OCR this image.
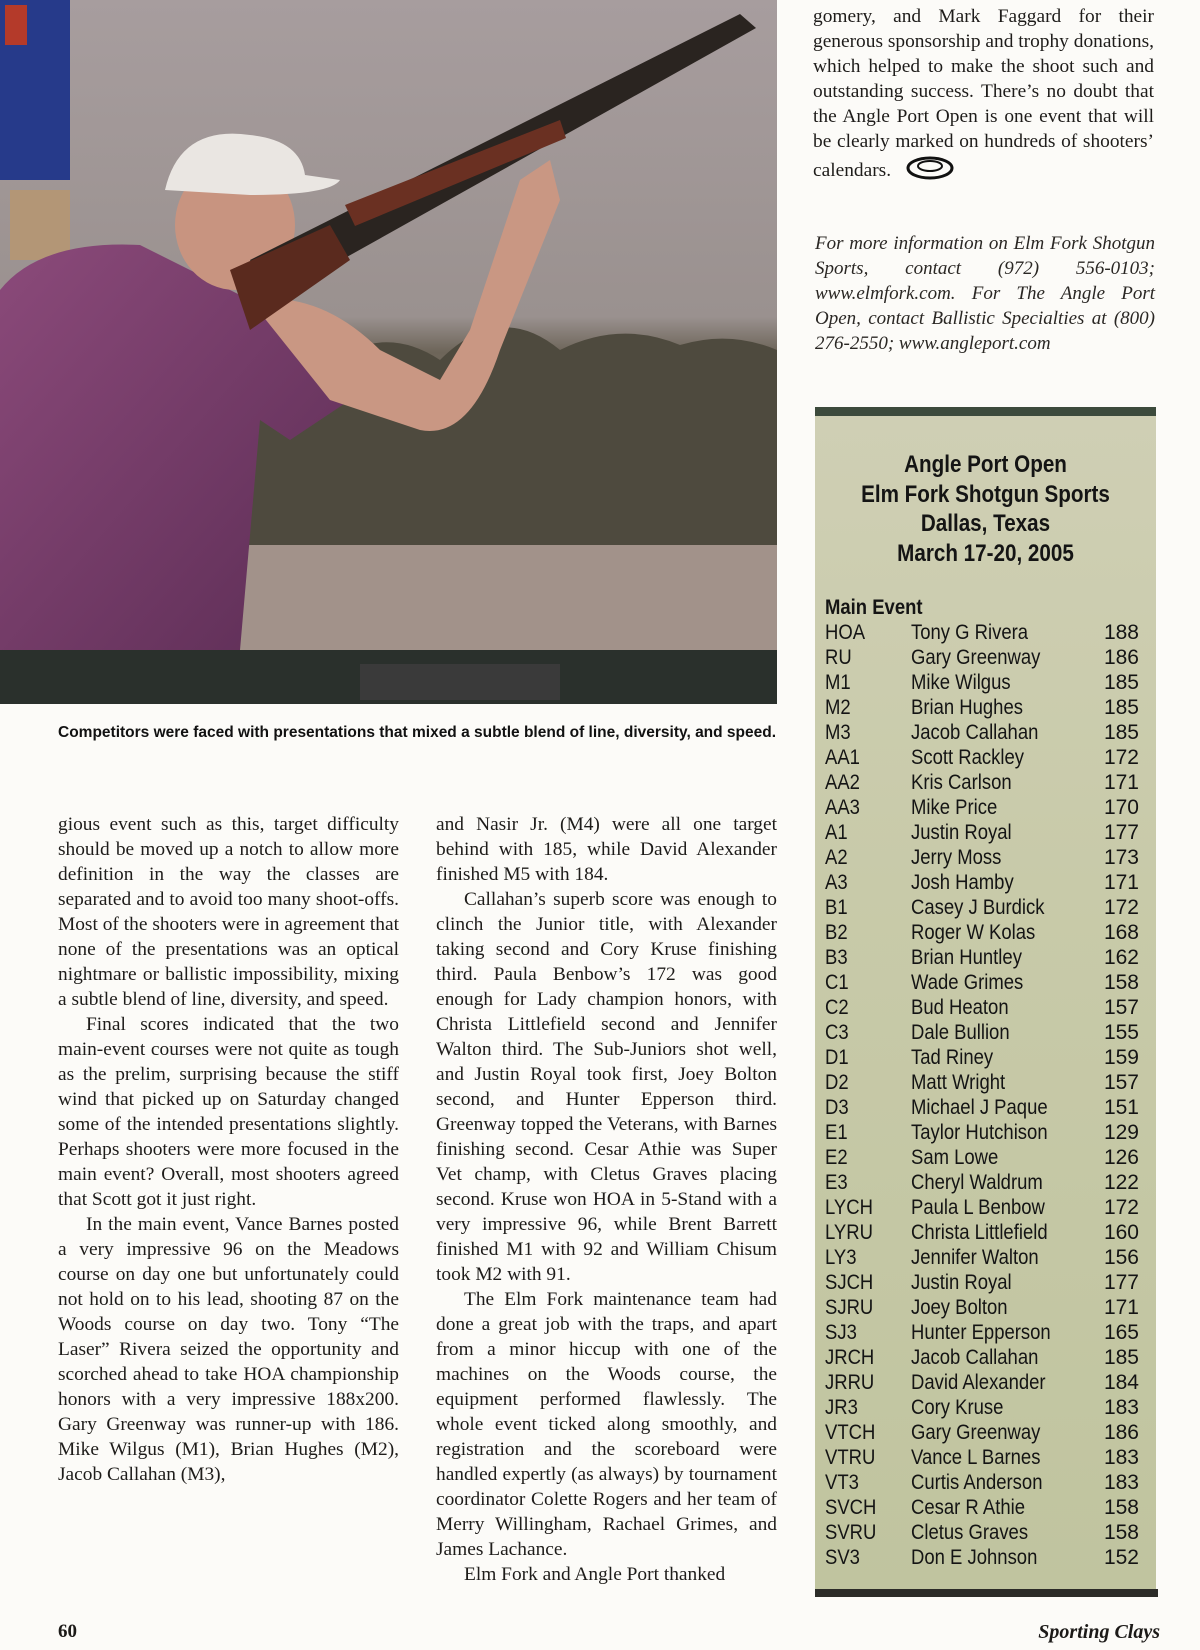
Competitors were faced with presentations that mixed a subtle blend of line, diversity, and speed.

gious event such as this, target difficulty should be moved up a notch to allow more definition in the way the classes are separated and to avoid too many shoot-offs. Most of the shooters were in agreement that none of the presentations was an optical nightmare or ballistic impossibility, mixing a subtle blend of line, diversity, and speed.

Final scores indicated that the two main-event courses were not quite as tough as the prelim, surprising because the stiff wind that picked up on Saturday changed some of the intended presentations slightly. Perhaps shooters were more focused in the main event? Overall, most shooters agreed that Scott got it just right.

In the main event, Vance Barnes posted a very impressive 96 on the Meadows course on day one but unfortunately could not hold on to his lead, shooting 87 on the Woods course on day two. Tony “The Laser” Rivera seized the opportunity and scorched ahead to take HOA championship honors with a very impressive 188x200. Gary Greenway was runner-up with 186. Mike Wilgus (M1), Brian Hughes (M2), Jacob Callahan (M3),

and Nasir Jr. (M4) were all one target behind with 185, while David Alexander finished M5 with 184.

Callahan’s superb score was enough to clinch the Junior title, with Alexander taking second and Cory Kruse finishing third. Paula Benbow’s 172 was good enough for Lady champion honors, with Christa Littlefield second and Jennifer Walton third. The Sub-Juniors shot well, and Justin Royal took first, Joey Bolton second, and Hunter Epperson third. Greenway topped the Veterans, with Barnes finishing second. Cesar Athie was Super Vet champ, with Cletus Graves placing second. Kruse won HOA in 5-Stand with a very impressive 96, while Brent Barrett finished M1 with 92 and William Chisum took M2 with 91.

The Elm Fork maintenance team had done a great job with the traps, and apart from a minor hiccup with one of the machines on the Woods course, the equipment performed flawlessly. The whole event ticked along smoothly, and registration and the scoreboard were handled expertly (as always) by tournament coordinator Colette Rogers and her team of Merry Willingham, Rachael Grimes, and James Lachance.

Elm Fork and Angle Port thanked

gomery, and Mark Faggard for their generous sponsorship and trophy donations, which helped to make the shoot such and outstanding success. There’s no doubt that the Angle Port Open is one event that will be clearly marked on hundreds of shooters’ calendars.

For more information on Elm Fork Shotgun Sports, contact (972) 556-0103; www.elmfork.com. For The Angle Port Open, contact Ballistic Specialties at (800) 276-2550; www.angleport.com
Angle Port Open
Elm Fork Shotgun Sports
Dallas, Texas
March 17-20, 2005
Main Event
HOA	Tony G Rivera	188
RU	Gary Greenway	186
M1	Mike Wilgus	185
M2	Brian Hughes	185
M3	Jacob Callahan	185
AA1	Scott Rackley	172
AA2	Kris Carlson	171
AA3	Mike Price	170
A1	Justin Royal	177
A2	Jerry Moss	173
A3	Josh Hamby	171
B1	Casey J Burdick	172
B2	Roger W Kolas	168
B3	Brian Huntley	162
C1	Wade Grimes	158
C2	Bud Heaton	157
C3	Dale Bullion	155
D1	Tad Riney	159
D2	Matt Wright	157
D3	Michael J Paque	151
E1	Taylor Hutchison	129
E2	Sam Lowe	126
E3	Cheryl Waldrum	122
LYCH	Paula L Benbow	172
LYRU	Christa Littlefield	160
LY3	Jennifer Walton	156
SJCH	Justin Royal	177
SJRU	Joey Bolton	171
SJ3	Hunter Epperson	165
JRCH	Jacob Callahan	185
JRRU	David Alexander	184
JR3	Cory Kruse	183
VTCH	Gary Greenway	186
VTRU	Vance L Barnes	183
VT3	Curtis Anderson	183
SVCH	Cesar R Athie	158
SVRU	Cletus Graves	158
SV3	Don E Johnson	152
60	Sporting Clays
